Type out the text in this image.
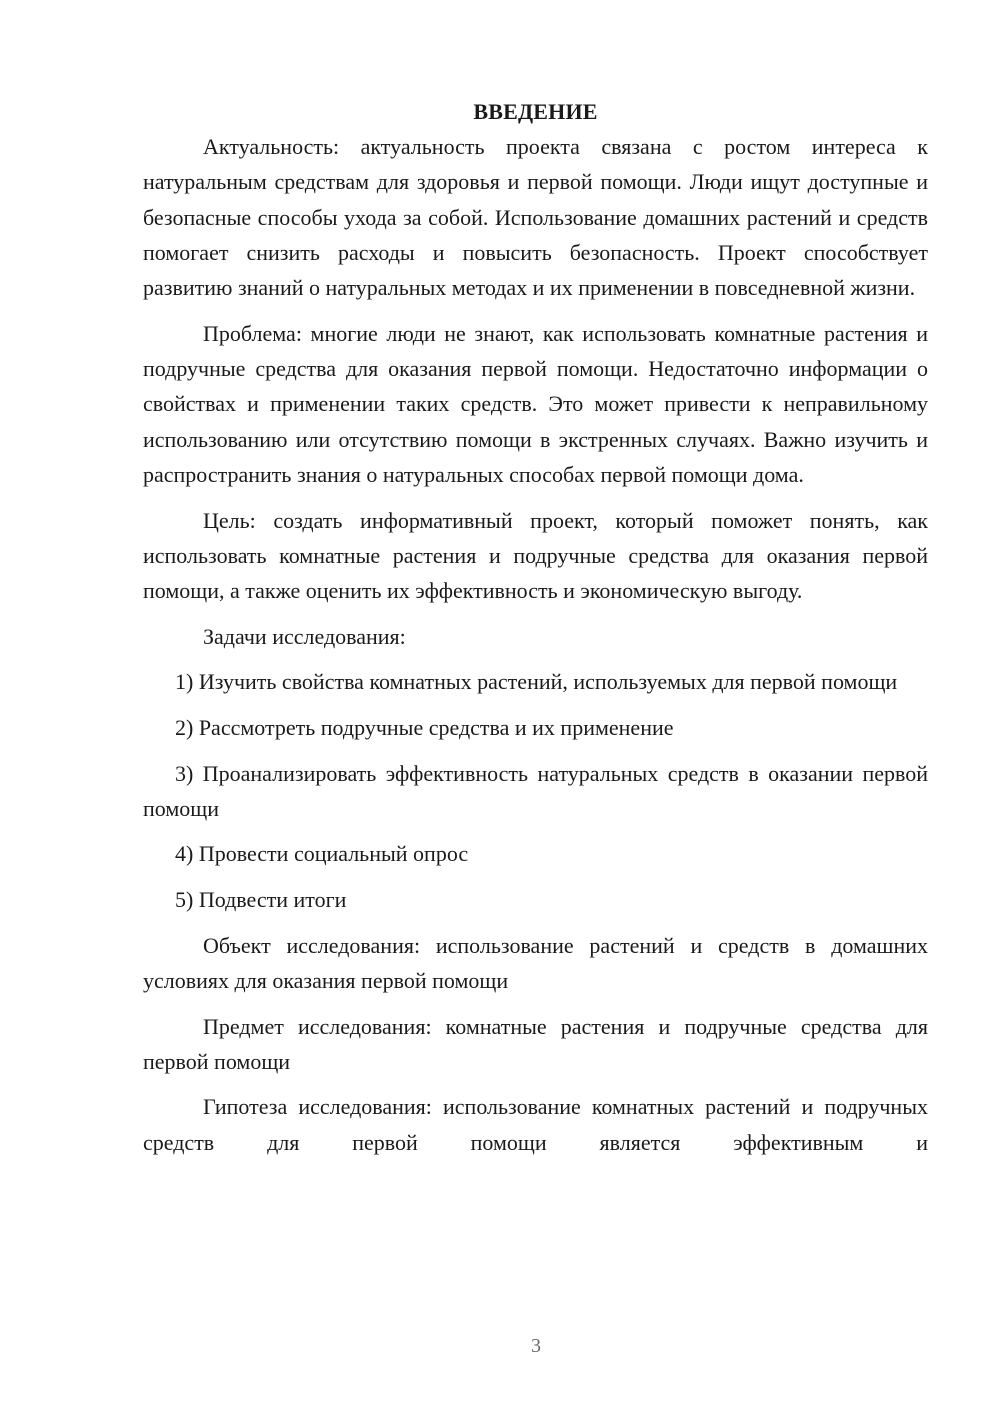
ВВЕДЕНИЕ

Актуальность: актуальность проекта связана с ростом интереса к натуральным средствам для здоровья и первой помощи. Люди ищут доступные и безопасные способы ухода за собой. Использование домашних растений и средств помогает снизить расходы и повысить безопасность. Проект способствует развитию знаний о натуральных методах и их применении в повседневной жизни.

Проблема: многие люди не знают, как использовать комнатные растения и подручные средства для оказания первой помощи. Недостаточно информации о свойствах и применении таких средств. Это может привести к неправильному использованию или отсутствию помощи в экстренных случаях. Важно изучить и распространить знания о натуральных способах первой помощи дома.

Цель: создать информативный проект, который поможет понять, как использовать комнатные растения и подручные средства для оказания первой помощи, а также оценить их эффективность и экономическую выгоду.

Задачи исследования:

1) Изучить свойства комнатных растений, используемых для первой помощи

2) Рассмотреть подручные средства и их применение

3) Проанализировать эффективность натуральных средств в оказании первой помощи

4) Провести социальный опрос

5) Подвести итоги

Объект исследования: использование растений и средств в домашних условиях для оказания первой помощи

Предмет исследования: комнатные растения и подручные средства для первой помощи

Гипотеза исследования: использование комнатных растений и подручных средств для первой помощи является эффективным и

3
